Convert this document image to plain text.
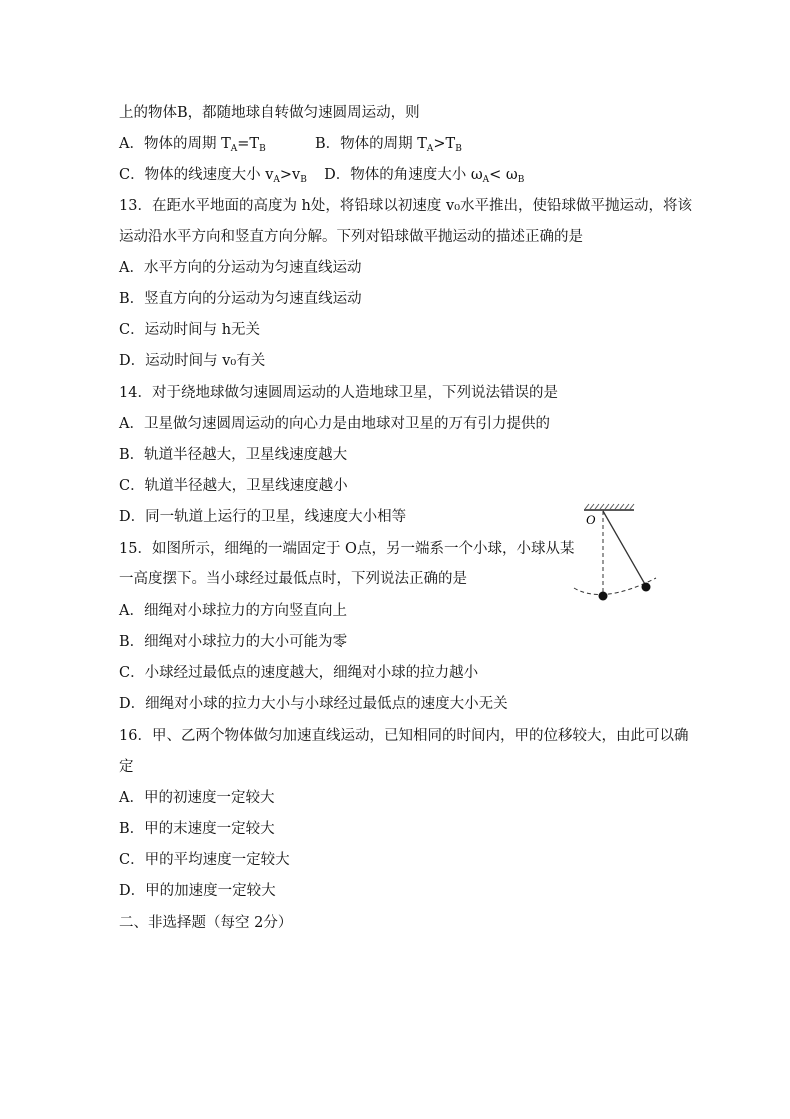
上的物体B，都随地球自转做匀速圆周运动，则
A．物体的周期 $T_A=T_B$	B．物体的周期 $T_A>T_B$
C．物体的线速度大小 $v_A>v_B$ D．物体的角速度大小 $\omega_A< \omega_B$
13．在距水平地面的高度为 h处，将铅球以初速度 v₀水平推出，使铅球做平抛运动，将该
运动沿水平方向和竖直方向分解。下列对铅球做平抛运动的描述正确的是
A．水平方向的分运动为匀速直线运动
B．竖直方向的分运动为匀速直线运动
C．运动时间与 h无关
D．运动时间与 v₀有关
14．对于绕地球做匀速圆周运动的人造地球卫星，下列说法错误的是
A．卫星做匀速圆周运动的向心力是由地球对卫星的万有引力提供的
B．轨道半径越大，卫星线速度越大
C．轨道半径越大，卫星线速度越小
D．同一轨道上运行的卫星，线速度大小相等
15．如图所示，细绳的一端固定于 O点，另一端系一个小球，小球从某
一高度摆下。当小球经过最低点时，下列说法正确的是
A．细绳对小球拉力的方向竖直向上
B．细绳对小球拉力的大小可能为零
C．小球经过最低点的速度越大，细绳对小球的拉力越小
D．细绳对小球的拉力大小与小球经过最低点的速度大小无关
O
16．甲、乙两个物体做匀加速直线运动，已知相同的时间内，甲的位移较大，由此可以确
定
A．甲的初速度一定较大
B．甲的末速度一定较大
C．甲的平均速度一定较大
D．甲的加速度一定较大
二、非选择题（每空 2分）
